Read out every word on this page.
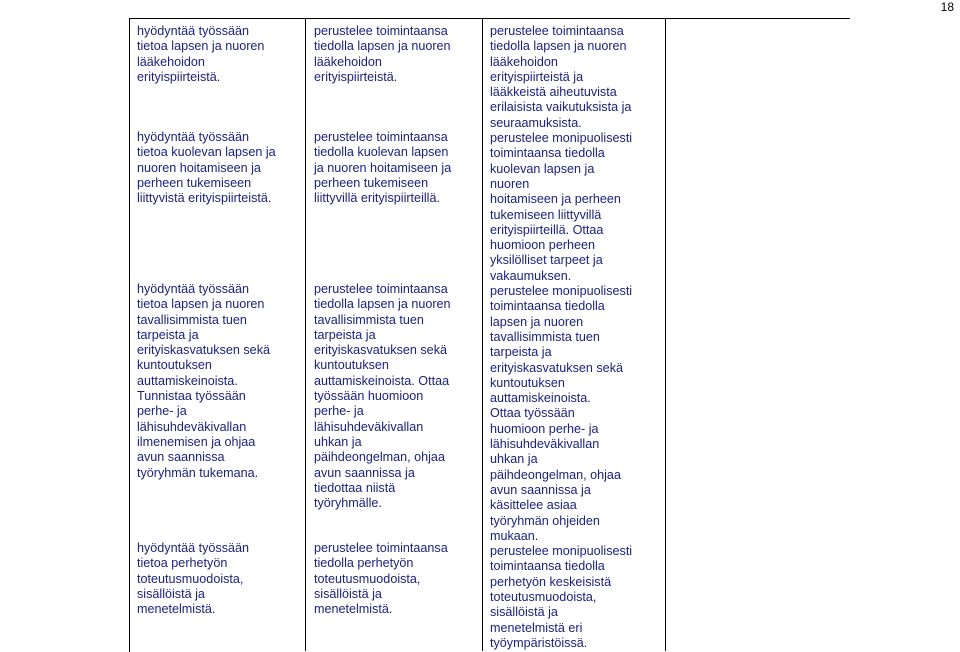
18

hyödyntää työssään

tietoa lapsen ja nuoren

lääkehoidon

erityispiirteistä.

hyödyntää työssään

tietoa kuolevan lapsen ja

nuoren hoitamiseen ja

perheen tukemiseen

liittyvistä erityispiirteistä.

hyödyntää työssään

tietoa lapsen ja nuoren

tavallisimmista tuen

tarpeista ja

erityiskasvatuksen sekä

kuntoutuksen

auttamiskeinoista.

Tunnistaa työssään

perhe- ja

lähisuhdeväkivallan

ilmenemisen ja ohjaa

avun saannissa

työryhmän tukemana.

hyödyntää työssään

tietoa perhetyön

toteutusmuodoista,

sisällöistä ja

menetelmistä.

perustelee toimintaansa

tiedolla lapsen ja nuoren

lääkehoidon

erityispiirteistä.

perustelee toimintaansa

tiedolla kuolevan lapsen

ja nuoren hoitamiseen ja

perheen tukemiseen

liittyvillä erityispiirteillä.

perustelee toimintaansa

tiedolla lapsen ja nuoren

tavallisimmista tuen

tarpeista ja

erityiskasvatuksen sekä

kuntoutuksen

auttamiskeinoista. Ottaa

työssään huomioon

perhe- ja

lähisuhdeväkivallan

uhkan ja

päihdeongelman, ohjaa

avun saannissa ja

tiedottaa niistä

työryhmälle.

perustelee toimintaansa

tiedolla perhetyön

toteutusmuodoista,

sisällöistä ja

menetelmistä.

perustelee toimintaansa

tiedolla lapsen ja nuoren

lääkehoidon

erityispiirteistä ja

lääkkeistä aiheutuvista

erilaisista vaikutuksista ja

seuraamuksista.

perustelee monipuolisesti

toimintaansa tiedolla

kuolevan lapsen ja

nuoren

hoitamiseen ja perheen

tukemiseen liittyvillä

erityispiirteillä. Ottaa

huomioon perheen

yksilölliset tarpeet ja

vakaumuksen.

perustelee monipuolisesti

toimintaansa tiedolla

lapsen ja nuoren

tavallisimmista tuen

tarpeista ja

erityiskasvatuksen sekä

kuntoutuksen

auttamiskeinoista.

Ottaa työssään

huomioon perhe- ja

lähisuhdeväkivallan

uhkan ja

päihdeongelman, ohjaa

avun saannissa ja

käsittelee asiaa

työryhmän ohjeiden

mukaan.

perustelee monipuolisesti

toimintaansa tiedolla

perhetyön keskeisistä

toteutusmuodoista,

sisällöistä ja

menetelmistä eri

työympäristöissä.
